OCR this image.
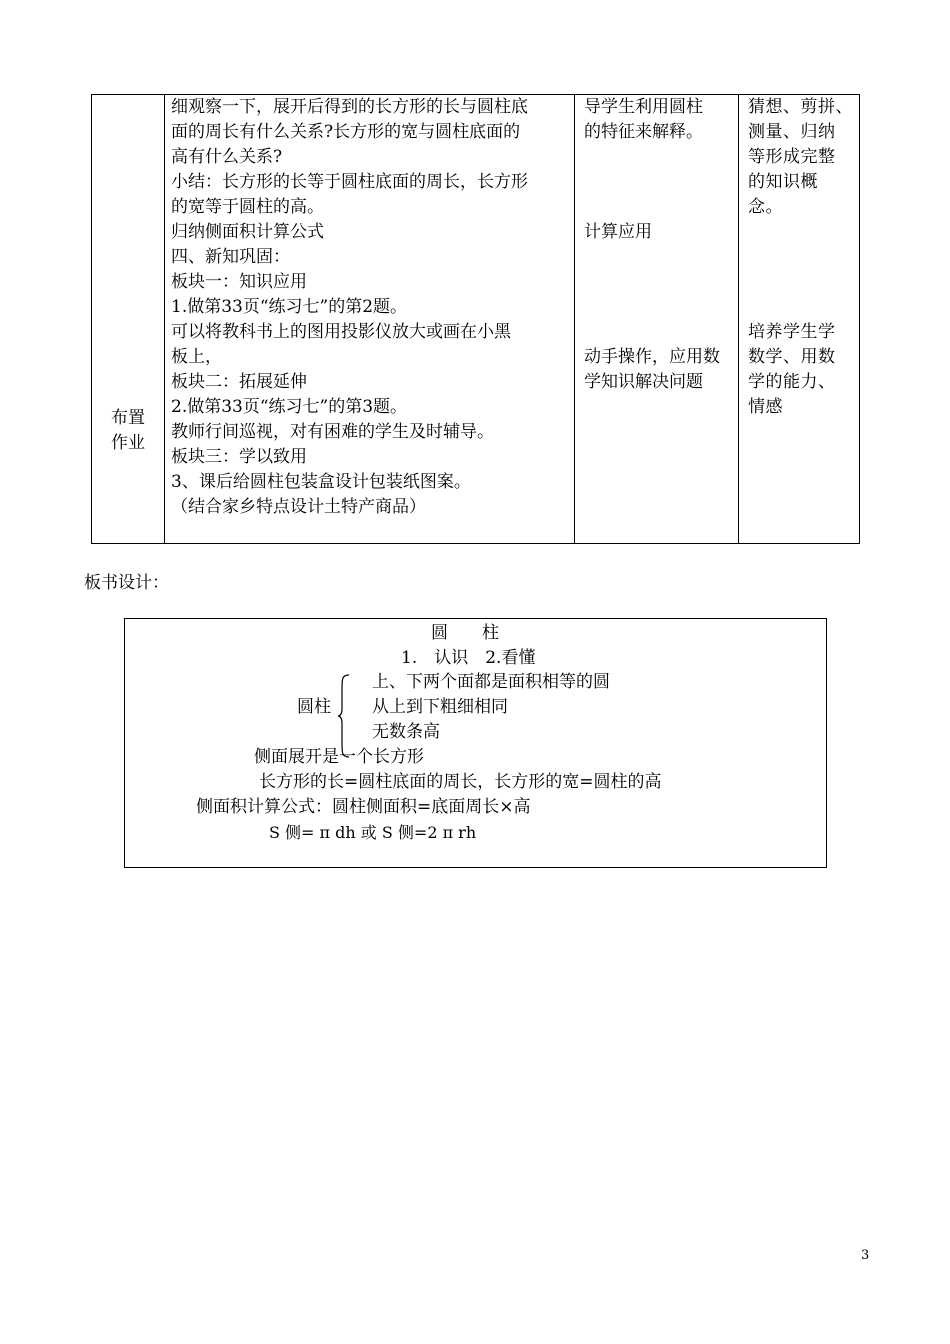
布置
作业
细观察一下，展开后得到的长方形的长与圆柱底
面的周长有什么关系?长方形的宽与圆柱底面的
高有什么关系?
小结：长方形的长等于圆柱底面的周长，长方形
的宽等于圆柱的高。
归纳侧面积计算公式
四、新知巩固：
板块一：知识应用
1.做第33页“练习七”的第2题。
可以将教科书上的图用投影仪放大或画在小黑
板上，
板块二：拓展延伸
2.做第33页“练习七”的第3题。
教师行间巡视，对有困难的学生及时辅导。
板块三：学以致用
3、课后给圆柱包装盒设计包装纸图案。
（结合家乡特点设计土特产商品）
导学生利用圆柱
的特征来解释。
计算应用
动手操作，应用数
学知识解决问题
猜想、剪拼、
测量、归纳
等形成完整
的知识概
念。
培养学生学
数学、用数
学的能力、
情感
板书设计：
圆　　柱
1.　认识　2.看懂
圆柱
上、下两个面都是面积相等的圆
从上到下粗细相同
无数条高
侧面展开是一个长方形
长方形的长=圆柱底面的周长，长方形的宽=圆柱的高
侧面积计算公式：圆柱侧面积=底面周长×高
S 侧= π dh 或 S 侧=2 π rh
3
